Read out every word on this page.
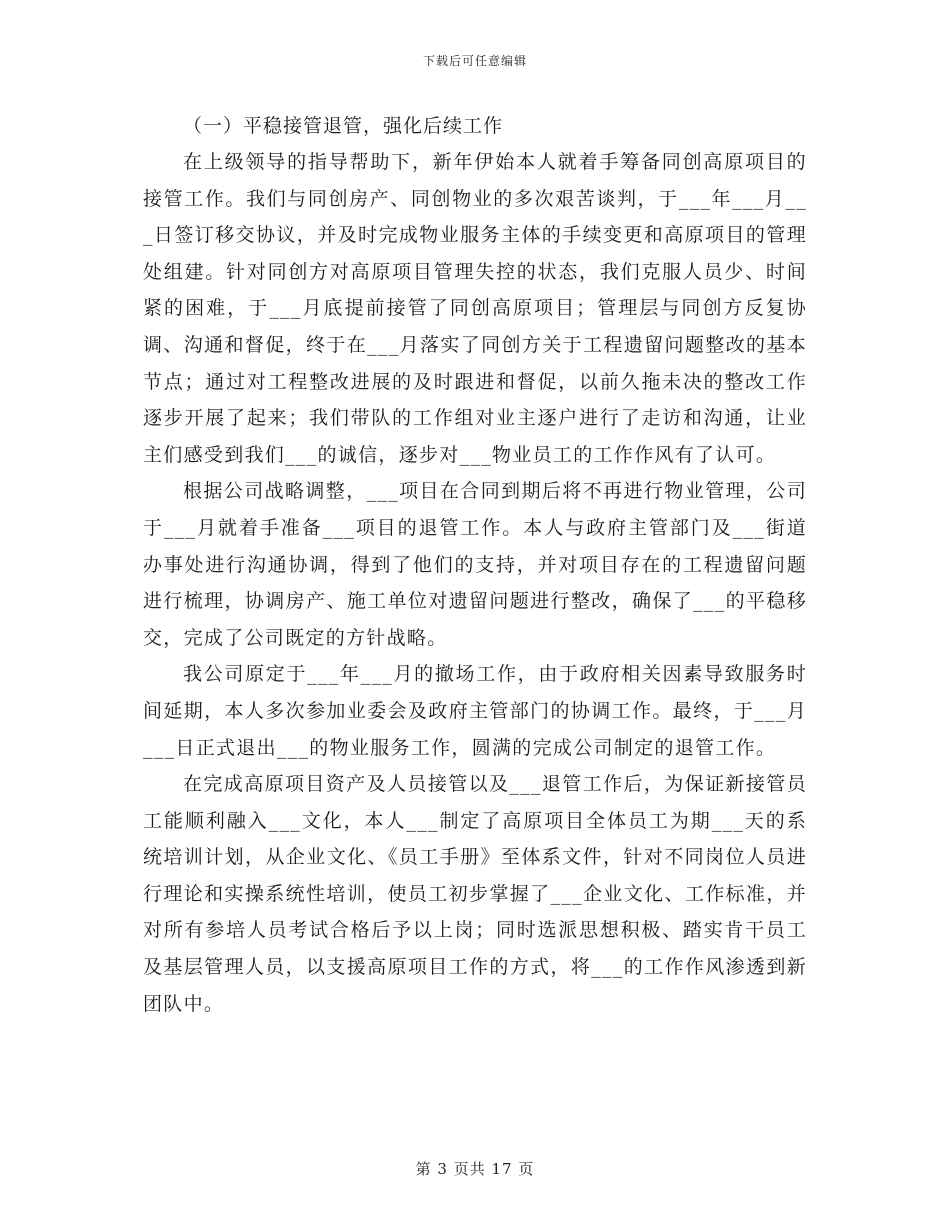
下载后可任意编辑
（一）平稳接管退管，强化后续工作

在上级领导的指导帮助下，新年伊始本人就着手筹备同创高原项目的接管工作。我们与同创房产、同创物业的多次艰苦谈判，于___年___月___日签订移交协议，并及时完成物业服务主体的手续变更和高原项目的管理处组建。针对同创方对高原项目管理失控的状态，我们克服人员少、时间紧的困难，于___月底提前接管了同创高原项目；管理层与同创方反复协调、沟通和督促，终于在___月落实了同创方关于工程遗留问题整改的基本节点；通过对工程整改进展的及时跟进和督促，以前久拖未决的整改工作逐步开展了起来；我们带队的工作组对业主逐户进行了走访和沟通，让业主们感受到我们___的诚信，逐步对___物业员工的工作作风有了认可。

根据公司战略调整，___项目在合同到期后将不再进行物业管理，公司于___月就着手准备___项目的退管工作。本人与政府主管部门及___街道办事处进行沟通协调，得到了他们的支持，并对项目存在的工程遗留问题进行梳理，协调房产、施工单位对遗留问题进行整改，确保了___的平稳移交，完成了公司既定的方针战略。

我公司原定于___年___月的撤场工作，由于政府相关因素导致服务时间延期，本人多次参加业委会及政府主管部门的协调工作。最终，于___月___日正式退出___的物业服务工作，圆满的完成公司制定的退管工作。

在完成高原项目资产及人员接管以及___退管工作后，为保证新接管员工能顺利融入___文化，本人___制定了高原项目全体员工为期___天的系统培训计划，从企业文化、《员工手册》至体系文件，针对不同岗位人员进行理论和实操系统性培训，使员工初步掌握了___企业文化、工作标准，并对所有参培人员考试合格后予以上岗；同时选派思想积极、踏实肯干员工及基层管理人员，以支援高原项目工作的方式，将___的工作作风渗透到新团队中。

第 3 页共 17 页
